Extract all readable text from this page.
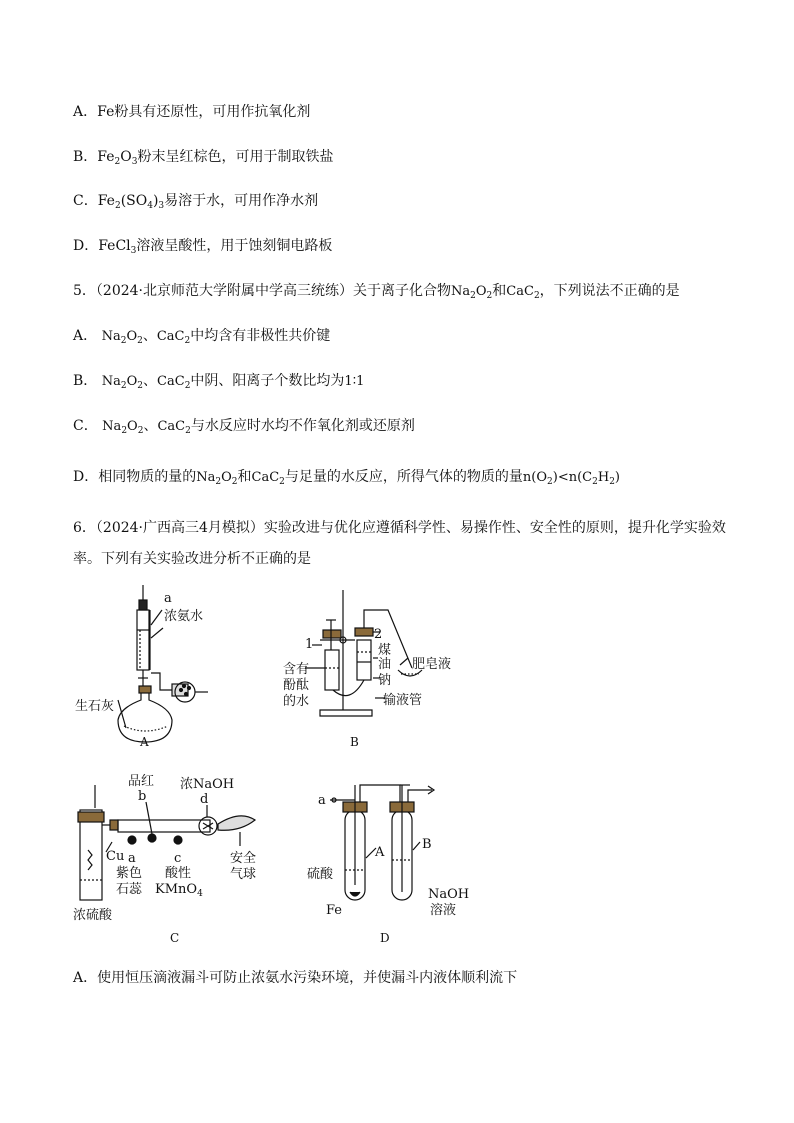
A．Fe粉具有还原性，可用作抗氧化剂
B．$Fe_2O_3$粉末呈红棕色，可用于制取铁盐
C．$Fe_2(SO_4)_3$易溶于水，可用作净水剂
D．FeCl$_3$溶液呈酸性，用于蚀刻铜电路板
5．（2024·北京师范大学附属中学高三统练）关于离子化合物$Na_2O_2$和CaC$_2$，下列说法不正确的是
A． $Na_2O_2$、CaC$_2$中均含有非极性共价键
B． $Na_2O_2$、CaC$_2$中阴、阳离子个数比均为1∶1
C． $Na_2O_2$、CaC$_2$与水反应时水均不作氧化剂或还原剂
D．相同物质的量的$Na_2O_2$和CaC$_2$与足量的水反应，所得气体的物质的量$n(O_2)<n(C_2H_2)$
6．（2024·广西高三4月模拟）实验改进与优化应遵循科学性、易操作性、安全性的原则，提升化学实验效
率。下列有关实验改进分析不正确的是
a
浓氨水
生石灰
A
1
2
煤
油
钠
肥皂液
含有
酚酞
的水	输液管
B
品红
b
浓NaOH
d
Cu a	c
紫色
石蕊
酸性
KMnO$_4$
安全
气球
浓硫酸
C
a
A
B
硫酸
Fe
NaOH
溶液
D
A．使用恒压滴液漏斗可防止浓氨水污染环境，并使漏斗内液体顺利流下
